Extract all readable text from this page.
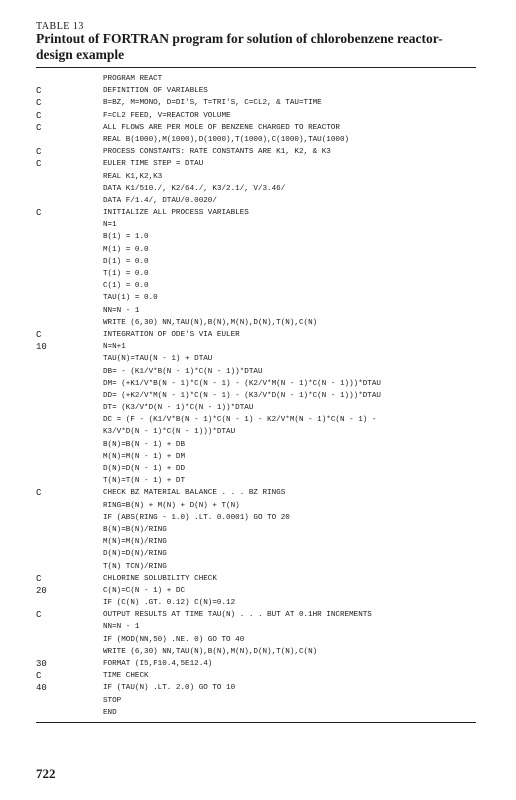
TABLE 13
Printout of FORTRAN program for solution of chlorobenzene reactor-design example
PROGRAM REACT
C	DEFINITION OF VARIABLES
C	B=BZ, M=MONO, D=DI'S, T=TRI'S, C=CL2, & TAU=TIME
C	F=CL2 FEED, V=REACTOR VOLUME
C	ALL FLOWS ARE PER MOLE OF BENZENE CHARGED TO REACTOR
REAL B(1000),M(1000),D(1000),T(1000),C(1000),TAU(1000)
C	PROCESS CONSTANTS: RATE CONSTANTS ARE K1, K2, & K3
C	EULER TIME STEP = DTAU
REAL K1,K2,K3
DATA K1/510./, K2/64./, K3/2.1/, V/3.46/
DATA F/1.4/, DTAU/0.0020/
C	INITIALIZE ALL PROCESS VARIABLES
N=1
B(1) = 1.0
M(1) = 0.0
D(1) = 0.0
T(1) = 0.0
C(1) = 0.0
TAU(1) = 0.0
NN=N - 1
WRITE (6,30) NN,TAU(N),B(N),M(N),D(N),T(N),C(N)
C	INTEGRATION OF ODE'S VIA EULER
10	N=N+1
TAU(N)=TAU(N - 1) + DTAU
DB= - (K1/V*B(N - 1)*C(N - 1))*DTAU
DM= (+K1/V*B(N - 1)*C(N - 1) - (K2/V*M(N - 1)*C(N - 1)))*DTAU
DD= (+K2/V*M(N - 1)*C(N - 1) - (K3/V*D(N - 1)*C(N - 1)))*DTAU
DT= (K3/V*D(N - 1)*C(N - 1))*DTAU
DC = (F - (K1/V*B(N - 1)*C(N - 1) - K2/V*M(N - 1)*C(N - 1) -
K3/V*D(N - 1)*C(N - 1)))*DTAU
B(N)=B(N - 1) + DB
M(N)=M(N - 1) + DM
D(N)=D(N - 1) + DD
T(N)=T(N - 1) + DT
C	CHECK BZ MATERIAL BALANCE . . . BZ RINGS
RING=B(N) + M(N) + D(N) + T(N)
IF (ABS(RING - 1.0) .LT. 0.0001) GO TO 20
B(N)=B(N)/RING
M(N)=M(N)/RING
D(N)=D(N)/RING
T(N) TCN)/RING
C	CHLORINE SOLUBILITY CHECK
20	C(N)=C(N - 1) + DC
IF (C(N) .GT. 0.12) C(N)=0.12
C	OUTPUT RESULTS AT TIME TAU(N) . . . BUT AT 0.1HR INCREMENTS
NN=N - 1
IF (MOD(NN,50) .NE. 0) GO TO 40
WRITE (6,30) NN,TAU(N),B(N),M(N),D(N),T(N),C(N)
30	FORMAT (I5,F10.4,5E12.4)
C	TIME CHECK
40	IF (TAU(N) .LT. 2.0) GO TO 10
STOP
END
722
